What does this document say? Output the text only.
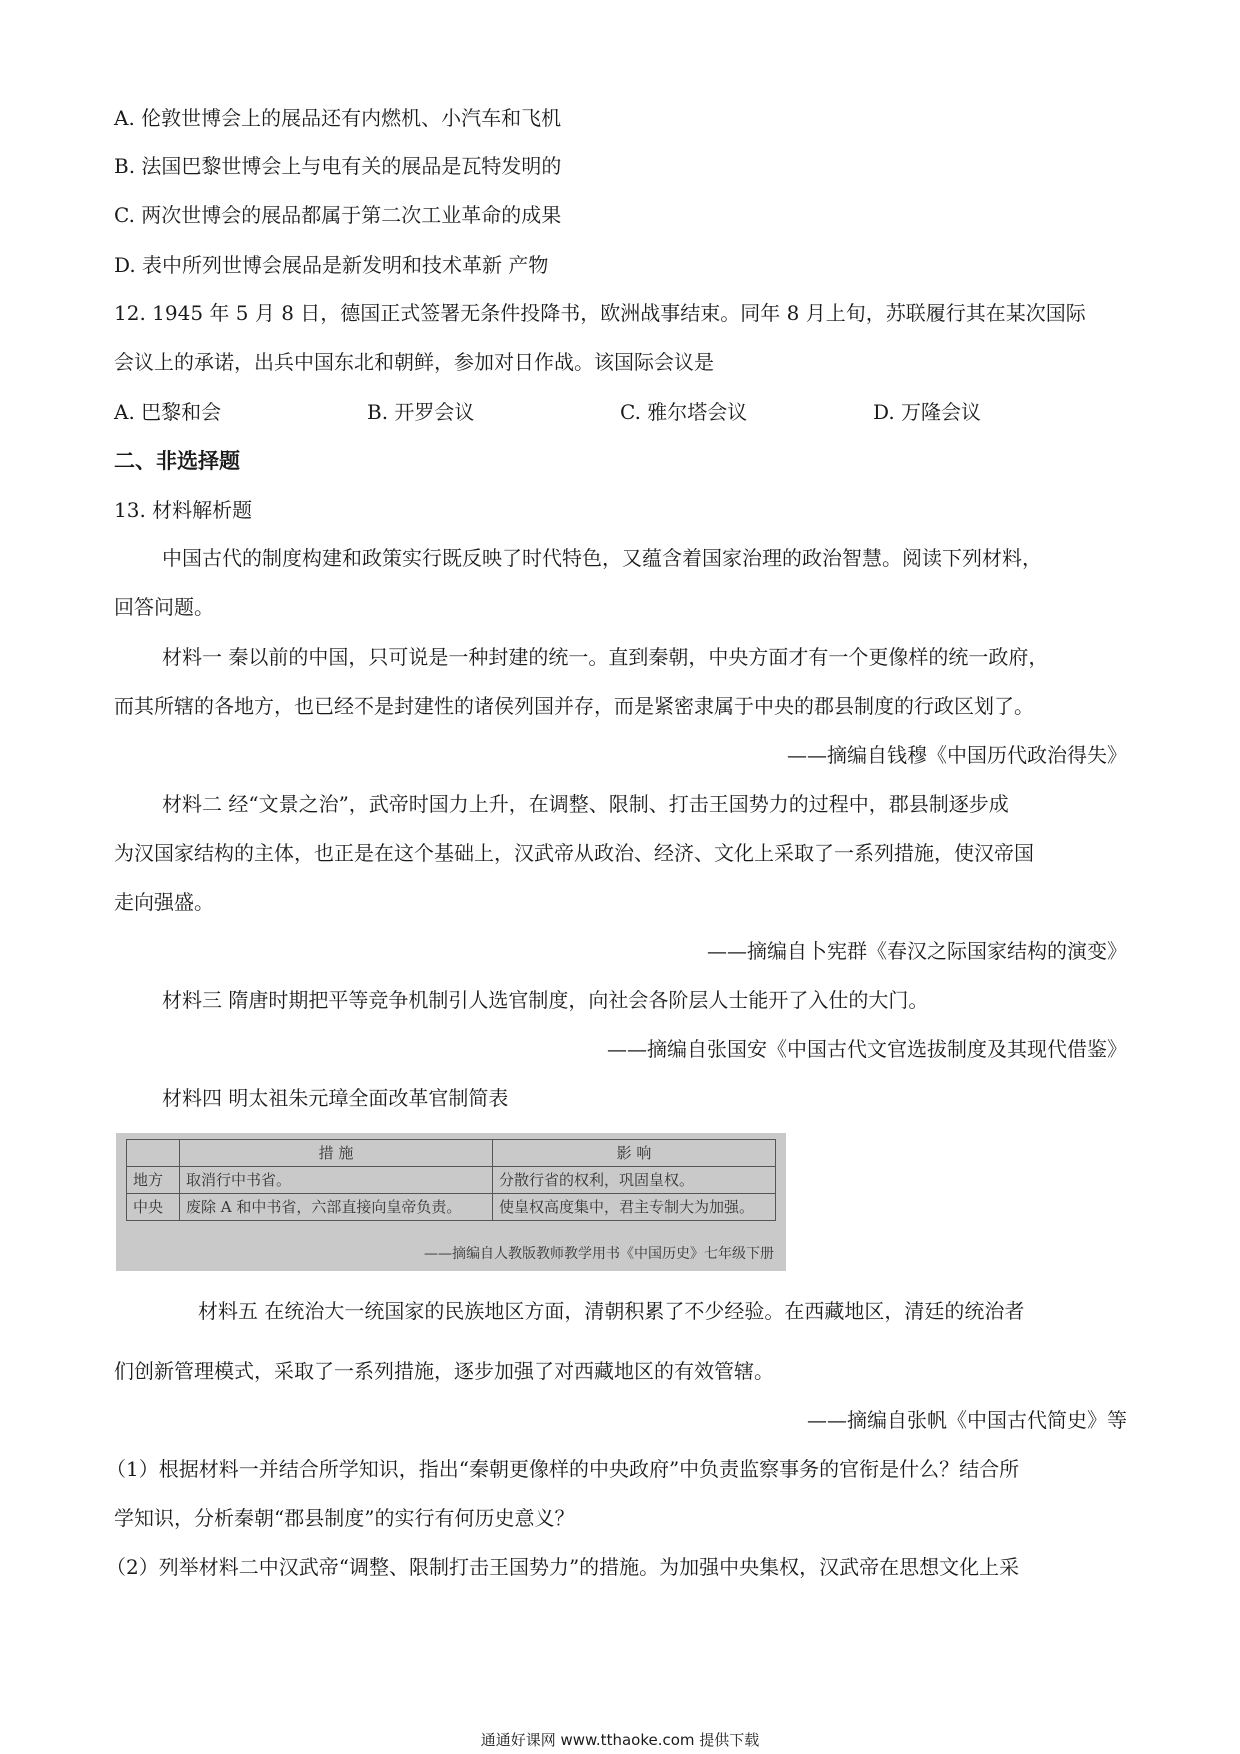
A. 伦敦世博会上的展品还有内燃机、小汽车和飞机
B. 法国巴黎世博会上与电有关的展品是瓦特发明的
C. 两次世博会的展品都属于第二次工业革命的成果
D. 表中所列世博会展品是新发明和技术革新 产物
12. 1945 年 5 月 8 日，德国正式签署无条件投降书，欧洲战事结束。同年 8 月上旬，苏联履行其在某次国际
会议上的承诺，出兵中国东北和朝鲜，参加对日作战。该国际会议是
A. 巴黎和会	B. 开罗会议	C. 雅尔塔会议	D. 万隆会议
二、非选择题
13. 材料解析题
中国古代的制度构建和政策实行既反映了时代特色，又蕴含着国家治理的政治智慧。阅读下列材料，
回答问题。
材料一 秦以前的中国，只可说是一种封建的统一。直到秦朝，中央方面才有一个更像样的统一政府，
而其所辖的各地方，也已经不是封建性的诸侯列国并存，而是紧密隶属于中央的郡县制度的行政区划了。
——摘编自钱穆《中国历代政治得失》
材料二 经“文景之治”，武帝时国力上升，在调整、限制、打击王国势力的过程中，郡县制逐步成
为汉国家结构的主体，也正是在这个基础上，汉武帝从政治、经济、文化上采取了一系列措施，使汉帝国
走向强盛。
——摘编自卜宪群《春汉之际国家结构的演变》
材料三 隋唐时期把平等竞争机制引人选官制度，向社会各阶层人士能开了入仕的大门。
——摘编自张国安《中国古代文官选拔制度及其现代借鉴》
材料四 明太祖朱元璋全面改革官制简表
	措 施	影 响
地方	取消行中书省。	分散行省的权利，巩固皇权。
中央	废除 A 和中书省，六部直接向皇帝负责。	使皇权高度集中，君主专制大为加强。
——摘编自人教版教师教学用书《中国历史》七年级下册
材料五 在统治大一统国家的民族地区方面，清朝积累了不少经验。在西藏地区，清廷的统治者
们创新管理模式，采取了一系列措施，逐步加强了对西藏地区的有效管辖。
——摘编自张帆《中国古代简史》等
（1）根据材料一并结合所学知识，指出“秦朝更像样的中央政府”中负责监察事务的官衔是什么？结合所
学知识，分析秦朝“郡县制度”的实行有何历史意义？
（2）列举材料二中汉武帝“调整、限制打击王国势力”的措施。为加强中央集权，汉武帝在思想文化上采
通通好课网 www.tthaoke.com 提供下载
